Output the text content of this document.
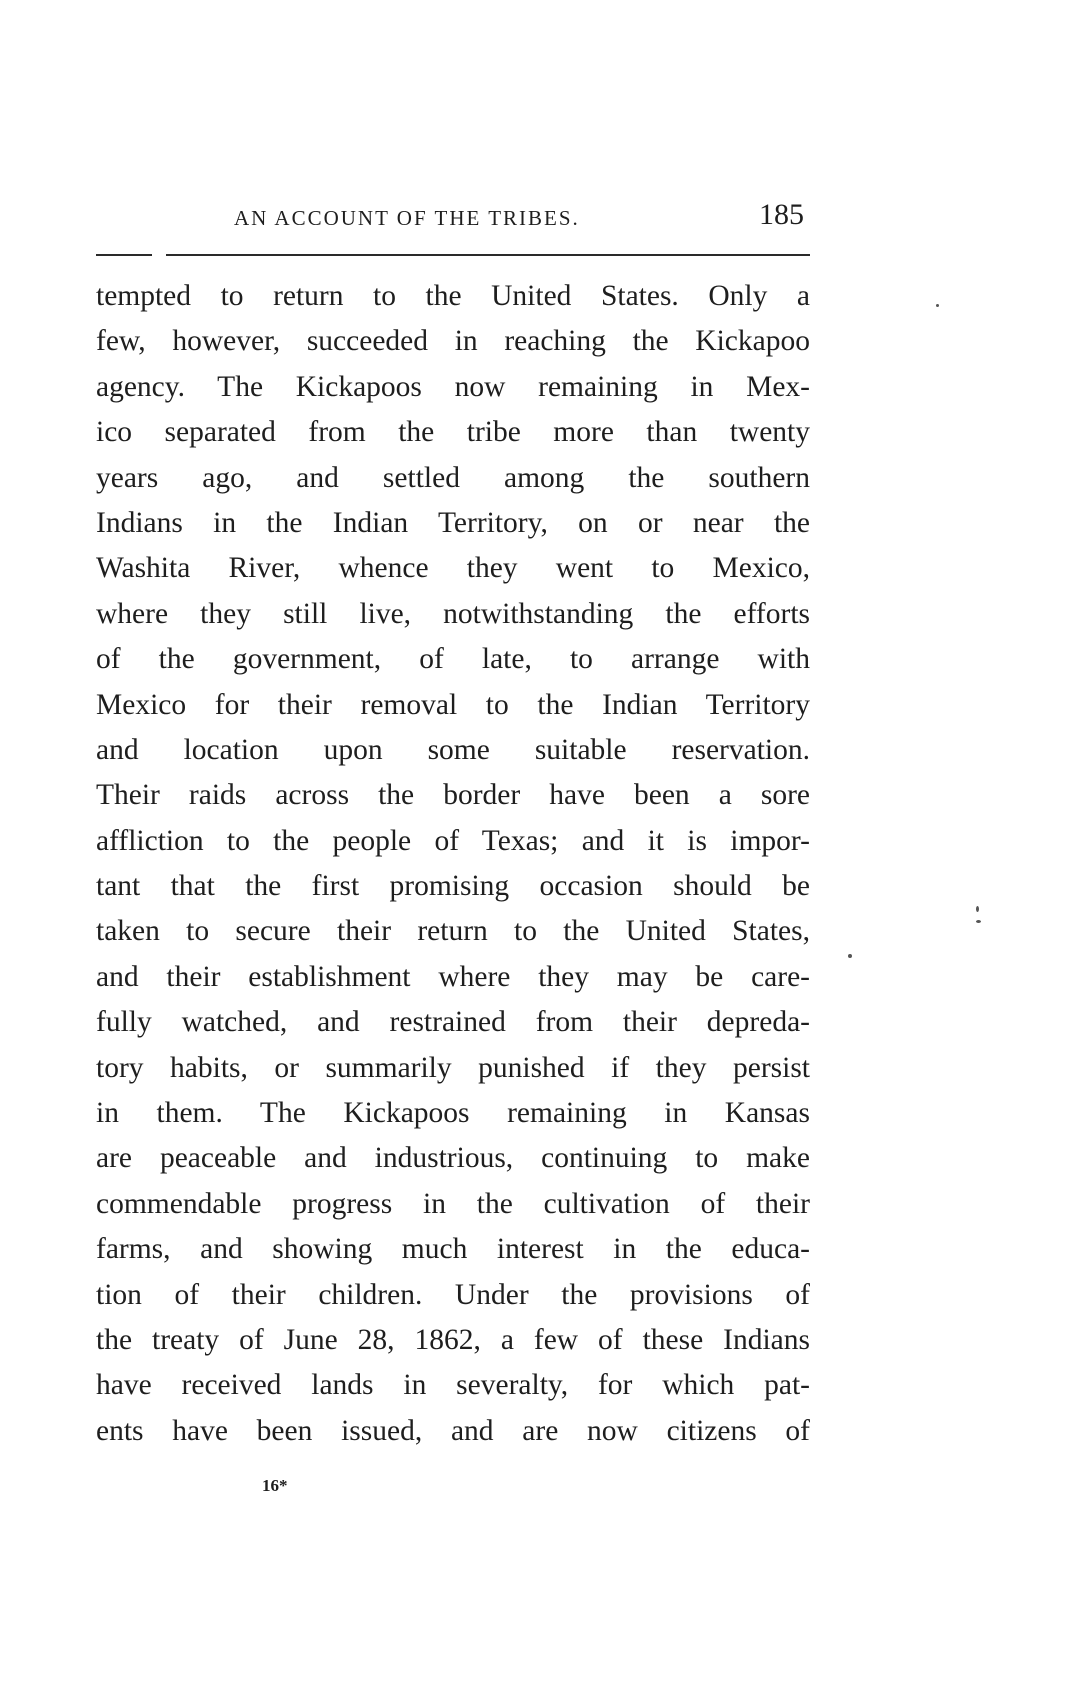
AN ACCOUNT OF THE TRIBES.	185
tempted to return to the United States. Only a
few, however, succeeded in reaching the Kickapoo
agency. The Kickapoos now remaining in Mex-
ico separated from the tribe more than twenty
years ago, and settled among the southern
Indians in the Indian Territory, on or near the
Washita River, whence they went to Mexico,
where they still live, notwithstanding the efforts
of the government, of late, to arrange with
Mexico for their removal to the Indian Territory
and location upon some suitable reservation.
Their raids across the border have been a sore
affliction to the people of Texas; and it is impor-
tant that the first promising occasion should be
taken to secure their return to the United States,
and their establishment where they may be care-
fully watched, and restrained from their depreda-
tory habits, or summarily punished if they persist
in them. The Kickapoos remaining in Kansas
are peaceable and industrious, continuing to make
commendable progress in the cultivation of their
farms, and showing much interest in the educa-
tion of their children. Under the provisions of
the treaty of June 28, 1862, a few of these Indians
have received lands in severalty, for which pat-
ents have been issued, and are now citizens of
16*
